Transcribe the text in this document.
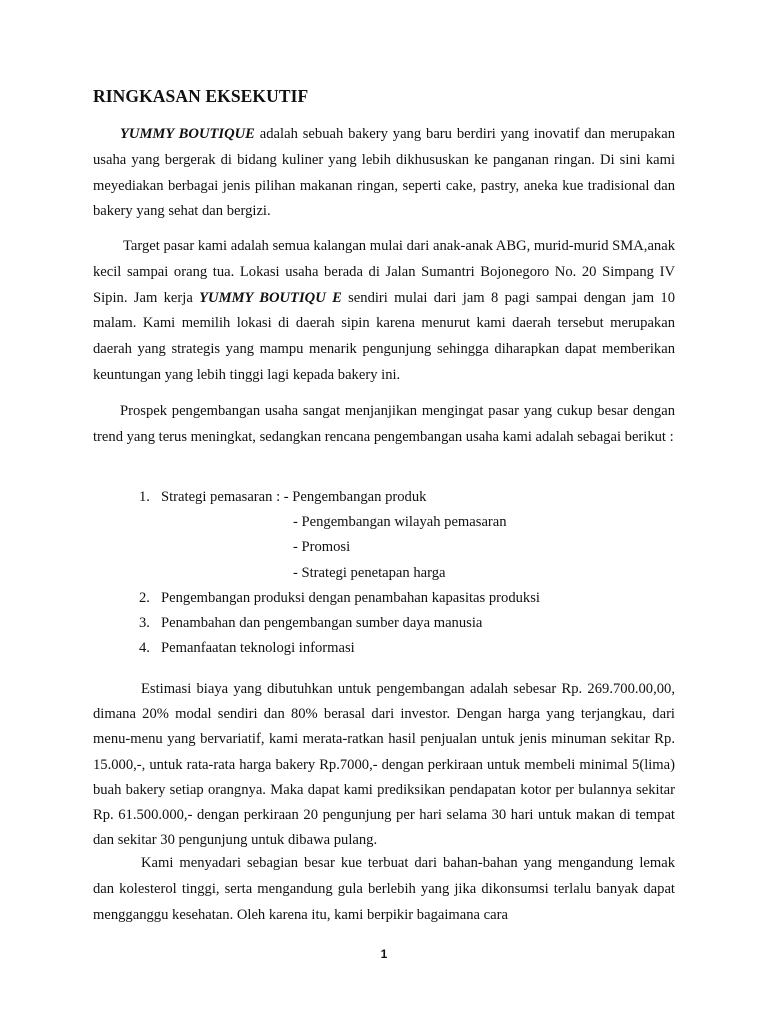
RINGKASAN EKSEKUTIF

YUMMY BOUTIQUE adalah sebuah bakery yang baru berdiri yang inovatif dan merupakan usaha yang bergerak di bidang kuliner yang lebih dikhususkan ke panganan ringan. Di sini kami meyediakan berbagai jenis pilihan makanan ringan, seperti cake, pastry, aneka kue tradisional dan bakery yang sehat dan bergizi.

Target pasar kami adalah semua kalangan mulai dari anak-anak ABG, murid-murid SMA,anak kecil sampai orang tua. Lokasi usaha berada di Jalan Sumantri Bojonegoro No. 20 Simpang IV Sipin. Jam kerja YUMMY BOUTIQU E sendiri mulai dari jam 8 pagi sampai dengan jam 10 malam. Kami memilih lokasi di daerah sipin karena menurut kami daerah tersebut merupakan daerah yang strategis yang mampu menarik pengunjung sehingga diharapkan dapat memberikan keuntungan yang lebih tinggi lagi kepada bakery ini.

Prospek pengembangan usaha sangat menjanjikan mengingat pasar yang cukup besar dengan trend yang terus meningkat, sedangkan rencana pengembangan usaha kami adalah sebagai berikut :

1. Strategi pemasaran : - Pengembangan produk
- Pengembangan wilayah pemasaran
- Promosi
- Strategi penetapan harga
2. Pengembangan produksi dengan penambahan kapasitas produksi
3. Penambahan dan pengembangan sumber daya manusia
4. Pemanfaatan teknologi informasi

Estimasi biaya yang dibutuhkan untuk pengembangan adalah sebesar Rp. 269.700.00,00, dimana 20% modal sendiri dan 80% berasal dari investor. Dengan harga yang terjangkau, dari menu-menu yang bervariatif, kami merata-ratkan hasil penjualan untuk jenis minuman sekitar Rp. 15.000,-, untuk rata-rata harga bakery Rp.7000,- dengan perkiraan untuk membeli minimal 5(lima) buah bakery setiap orangnya. Maka dapat kami prediksikan pendapatan kotor per bulannya sekitar Rp. 61.500.000,- dengan perkiraan 20 pengunjung per hari selama 30 hari untuk makan di tempat dan sekitar 30 pengunjung untuk dibawa pulang.

Kami menyadari sebagian besar kue terbuat dari bahan-bahan yang mengandung lemak dan kolesterol tinggi, serta mengandung gula berlebih yang jika dikonsumsi terlalu banyak dapat mengganggu kesehatan. Oleh karena itu, kami berpikir bagaimana cara

1
